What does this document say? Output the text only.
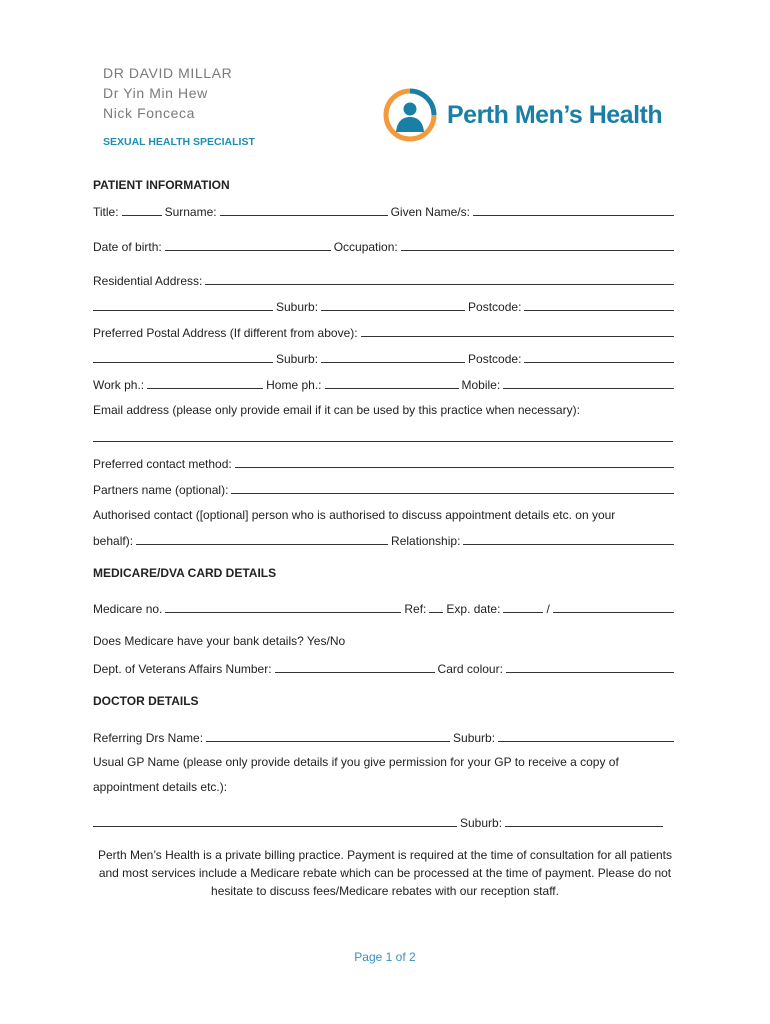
DR DAVID MILLAR
Dr Yin Min Hew
Nick Fonceca
SEXUAL HEALTH SPECIALIST
Perth Men’s Health
PATIENT INFORMATION
Title:	Surname:	Given Name/s:
Date of birth:	Occupation:
Residential Address:
Suburb:	Postcode:
Preferred Postal Address (If different from above):
Suburb:	Postcode:
Work ph.:	Home ph.:	Mobile:
Email address (please only provide email if it can be used by this practice when necessary):
Preferred contact method:
Partners name (optional):
Authorised contact ([optional] person who is authorised to discuss appointment details etc. on your
behalf):	Relationship:
MEDICARE/DVA CARD DETAILS
Medicare no.	Ref: Exp. date:	/
Does Medicare have your bank details? Yes/No
Dept. of Veterans Affairs Number:	Card colour:
DOCTOR DETAILS
Referring Drs Name:	Suburb:
Usual GP Name (please only provide details if you give permission for your GP to receive a copy of
appointment details etc.):
Suburb:
Perth Men’s Health is a private billing practice. Payment is required at the time of consultation for all patients and most services include a Medicare rebate which can be processed at the time of payment. Please do not hesitate to discuss fees/Medicare rebates with our reception staff.
Page 1 of 2
